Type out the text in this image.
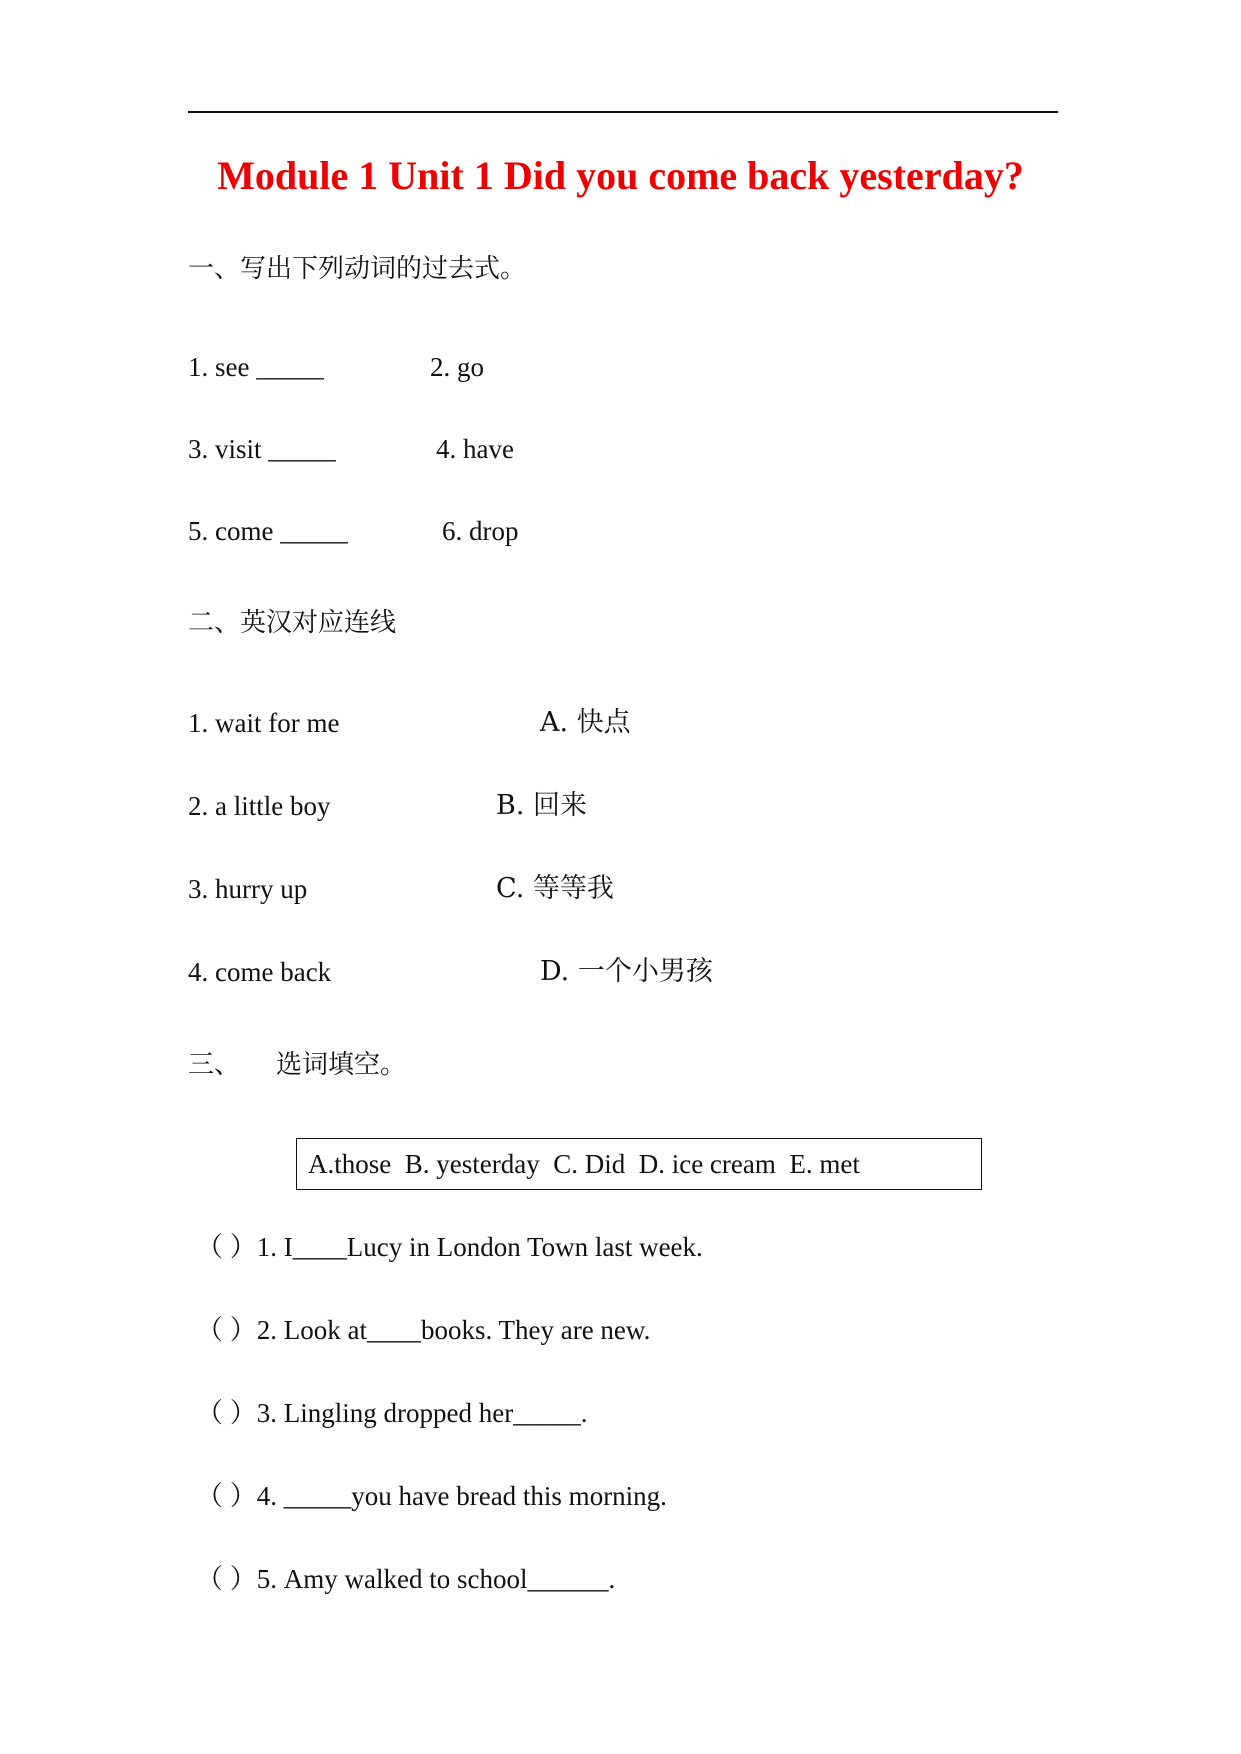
Module 1 Unit 1 Did you come back yesterday?
一、写出下列动词的过去式。
1. see _____	2. go
3. visit _____	4. have
5. come _____	6. drop
二、英汉对应连线
1. wait for me	A. 快点
2. a little boy	B. 回来
3. hurry up	C. 等等我
4. come back	D. 一个小男孩
三、 选词填空。
A.those  B. yesterday  C. Did  D. ice cream  E. met
（ ）1. I____Lucy in London Town last week.
（ ）2. Look at____books. They are new.
（ ）3. Lingling dropped her_____.
（ ）4. _____you have bread this morning.
（ ）5. Amy walked to school______.
